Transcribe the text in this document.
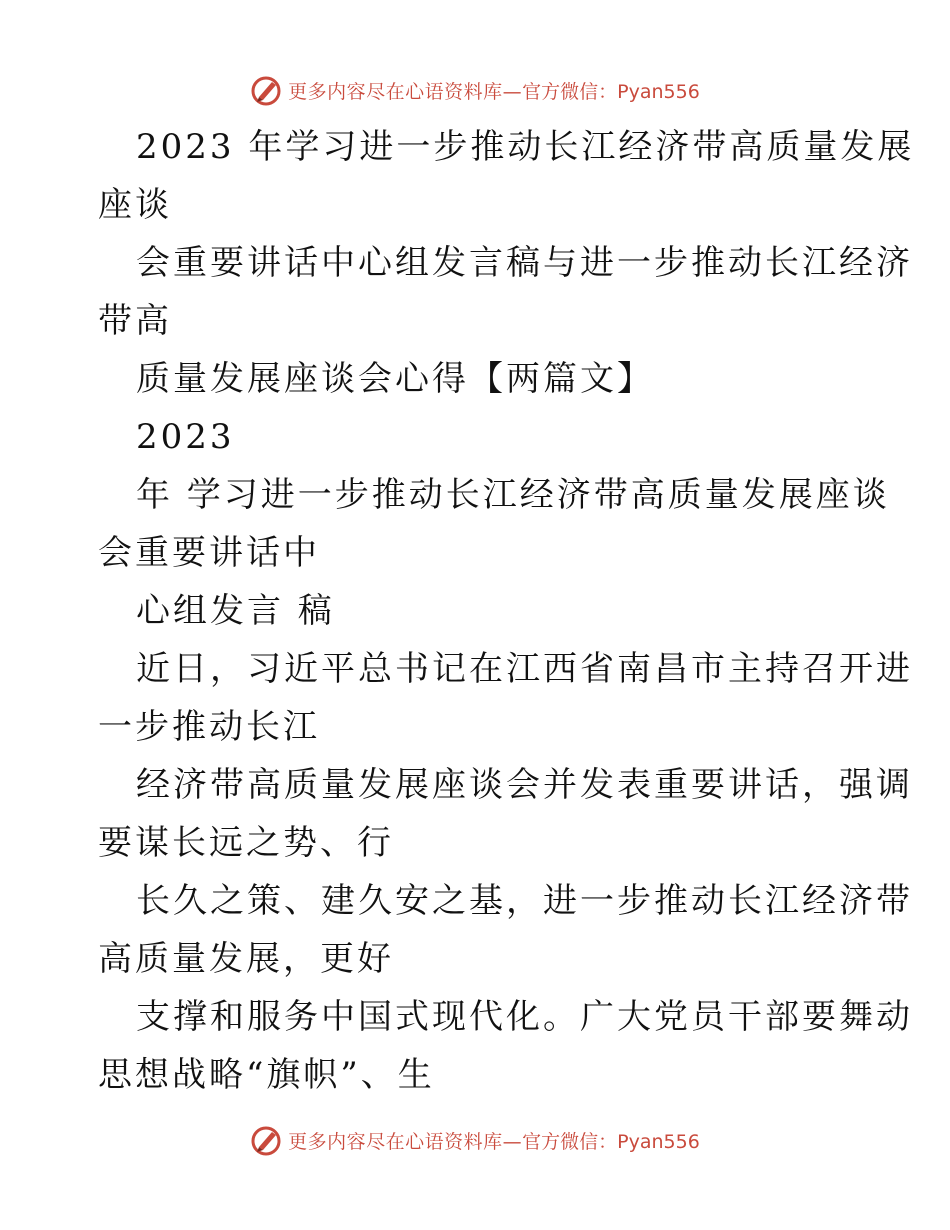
更多内容尽在心语资料库— 官方微信：Pyan556
2023 年学习进一步推动长江经济带高质量发展
座谈
会重要讲话中心组发言稿与进一步推动长江经济
带高
质量发展座谈会心得【两篇文】
2023
年 学习进一步推动长江经济带高质量发展座谈
会重要讲话中
心组发言 稿
近日，习近平总书记在江西省南昌市主持召开进
一步推动长江
经济带高质量发展座谈会并发表重要讲话，强调
要谋长远之势、行
长久之策、建久安之基，进一步推动长江经济带
高质量发展，更好
支撑和服务中国式现代化。广大党员干部要舞动
思想战略“旗帜”、生
更多内容尽在心语资料库— 官方微信：Pyan556
